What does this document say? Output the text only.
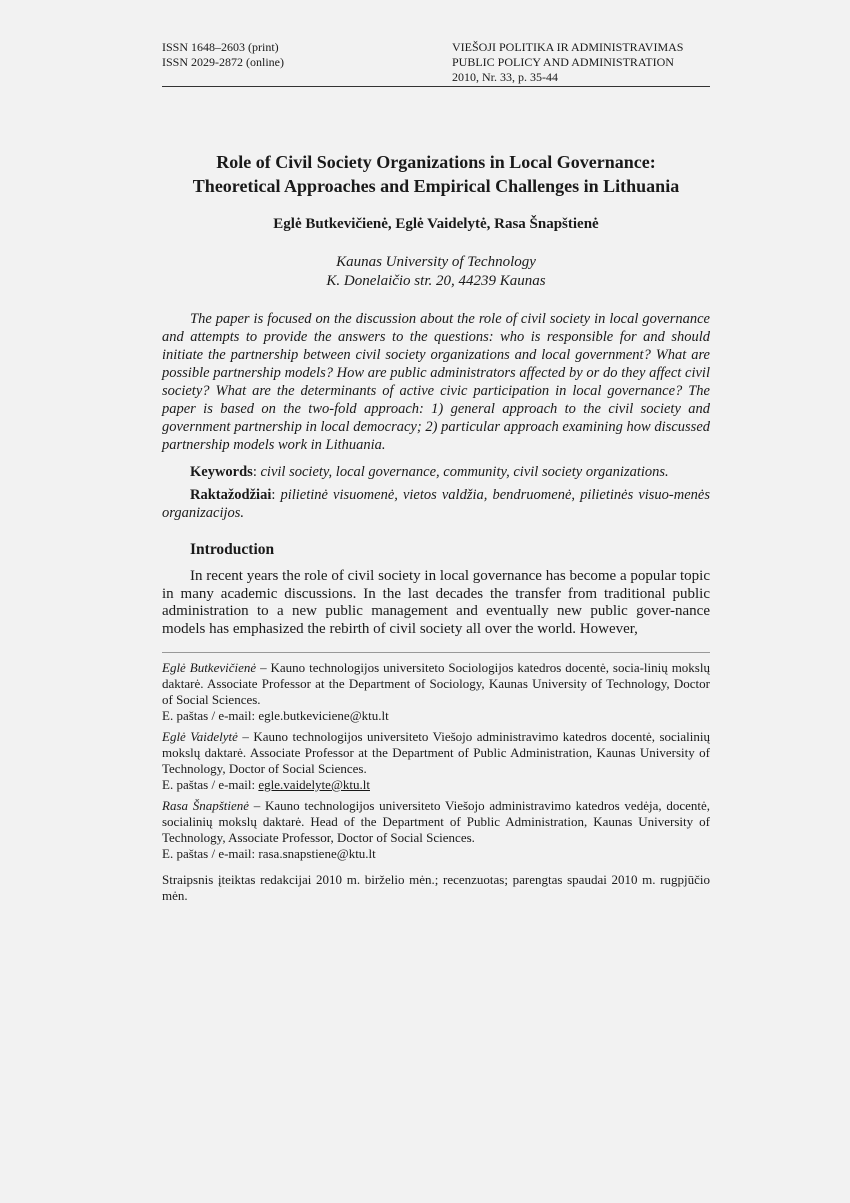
ISSN 1648–2603 (print)
ISSN 2029-2872 (online)
VIEŠOJI POLITIKA IR ADMINISTRAVIMAS
PUBLIC POLICY AND ADMINISTRATION
2010, Nr. 33, p. 35-44
Role of Civil Society Organizations in Local Governance:
Theoretical Approaches and Empirical Challenges in Lithuania
Eglė Butkevičienė, Eglė Vaidelytė, Rasa Šnapštienė
Kaunas University of Technology
K. Donelaičio str. 20, 44239 Kaunas
The paper is focused on the discussion about the role of civil society in local governance and attempts to provide the answers to the questions: who is responsible for and should initiate the partnership between civil society organizations and local government? What are possible partnership models? How are public administrators affected by or do they affect civil society? What are the determinants of active civic participation in local governance? The paper is based on the two-fold approach: 1) general approach to the civil society and government partnership in local democracy; 2) particular approach examining how discussed partnership models work in Lithuania.
Keywords: civil society, local governance, community, civil society organizations.
Raktažodžiai: pilietinė visuomenė, vietos valdžia, bendruomenė, pilietinės visuo-menės organizacijos.
Introduction
In recent years the role of civil society in local governance has become a popular topic in many academic discussions. In the last decades the transfer from traditional public administration to a new public management and eventually new public gover-nance models has emphasized the rebirth of civil society all over the world. However,
Eglė Butkevičienė – Kauno technologijos universiteto Sociologijos katedros docentė, socia-linių mokslų daktarė. Associate Professor at the Department of Sociology, Kaunas University of Technology, Doctor of Social Sciences.
E. paštas / e-mail: egle.butkeviciene@ktu.lt
Eglė Vaidelytė – Kauno technologijos universiteto Viešojo administravimo katedros docentė, socialinių mokslų daktarė. Associate Professor at the Department of Public Administration, Kaunas University of Technology, Doctor of Social Sciences.
E. paštas / e-mail: egle.vaidelyte@ktu.lt
Rasa Šnapštienė – Kauno technologijos universiteto Viešojo administravimo katedros vedėja, docentė, socialinių mokslų daktarė. Head of the Department of Public Administration, Kaunas University of Technology, Associate Professor, Doctor of Social Sciences.
E. paštas / e-mail: rasa.snapstiene@ktu.lt
Straipsnis įteiktas redakcijai 2010 m. birželio mėn.; recenzuotas; parengtas spaudai 2010 m. rugpjūčio mėn.
